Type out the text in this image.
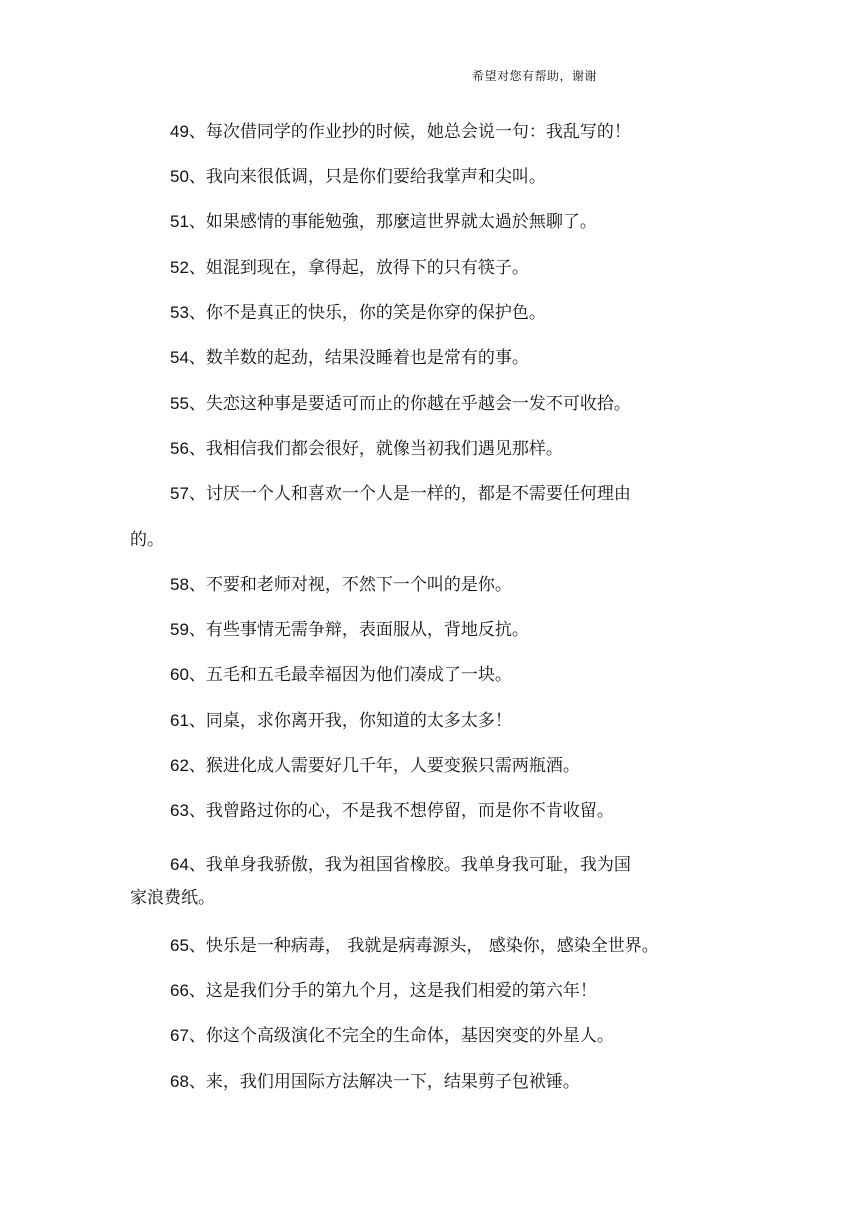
希望对您有帮助，谢谢
49、每次借同学的作业抄的时候，她总会说一句：我乱写的！
50、我向来很低调，只是你们要给我掌声和尖叫。
51、如果感情的事能勉強，那麼這世界就太過於無聊了。
52、姐混到现在，拿得起，放得下的只有筷子。
53、你不是真正的快乐，你的笑是你穿的保护色。
54、数羊数的起劲，结果没睡着也是常有的事。
55、失恋这种事是要适可而止的你越在乎越会一发不可收拾。
56、我相信我们都会很好，就像当初我们遇见那样。
57、讨厌一个人和喜欢一个人是一样的，都是不需要任何理由
的。
58、不要和老师对视，不然下一个叫的是你。
59、有些事情无需争辩，表面服从，背地反抗。
60、五毛和五毛最幸福因为他们凑成了一块。
61、同桌，求你离开我，你知道的太多太多！
62、猴进化成人需要好几千年，人要变猴只需两瓶酒。
63、我曾路过你的心，不是我不想停留，而是你不肯收留。
64、我单身我骄傲，我为祖国省橡胶。我单身我可耻，我为国
家浪费纸。
65、快乐是一种病毒， 我就是病毒源头， 感染你，感染全世界。
66、这是我们分手的第九个月，这是我们相爱的第六年！
67、你这个高级演化不完全的生命体，基因突变的外星人。
68、来，我们用国际方法解决一下，结果剪子包袱锤。
